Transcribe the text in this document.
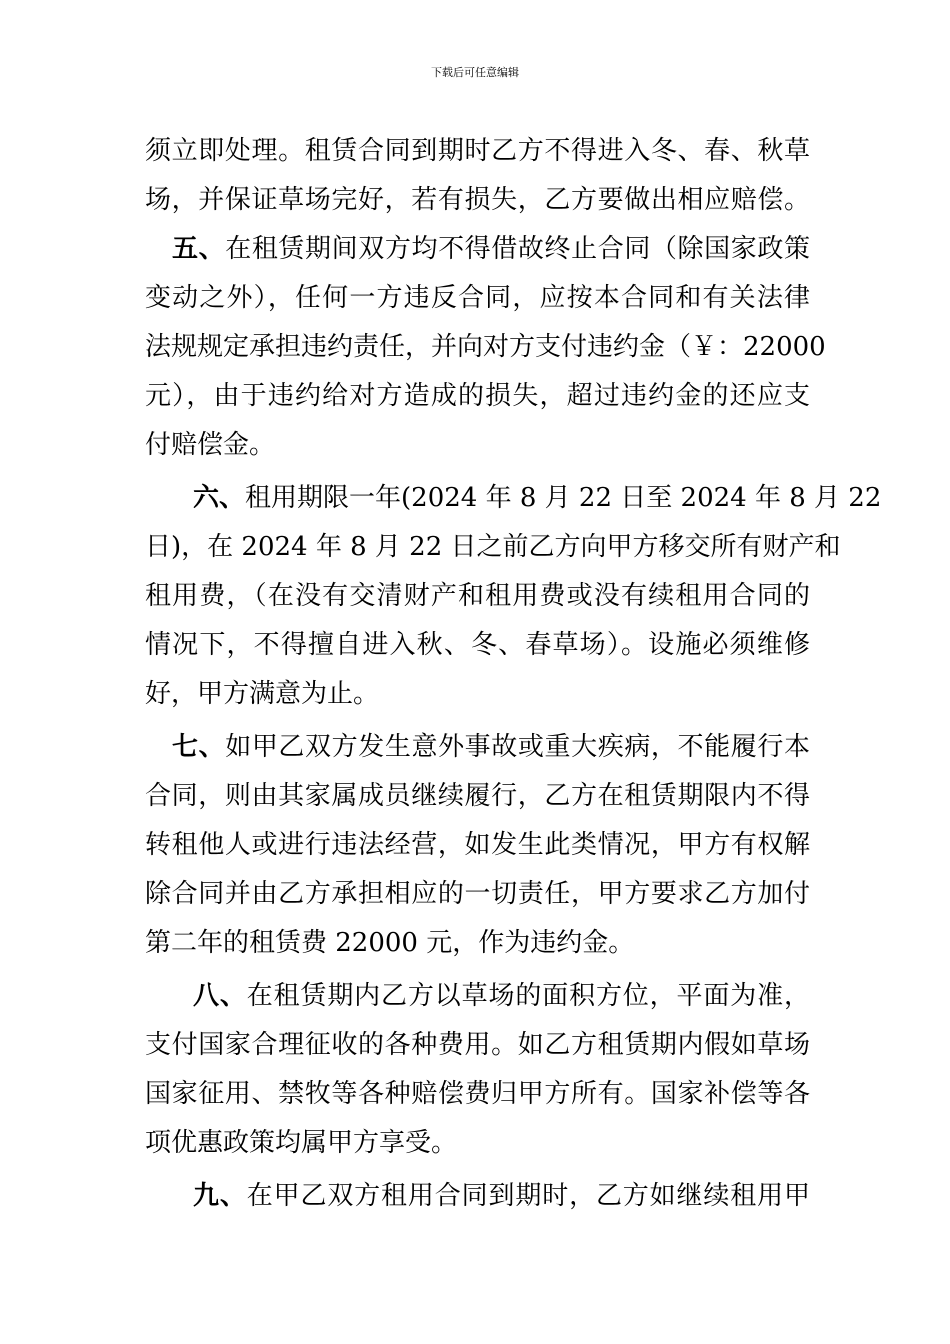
下载后可任意编辑
须立即处理。租赁合同到期时乙方不得进入冬、春、秋草
场，并保证草场完好，若有损失，乙方要做出相应赔偿。
五、在租赁期间双方均不得借故终止合同（除国家政策
变动之外），任何一方违反合同，应按本合同和有关法律
法规规定承担违约责任，并向对方支付违约金（￥：22000
元），由于违约给对方造成的损失，超过违约金的还应支
付赔偿金。
六、租用期限一年(2024 年 8 月 22 日至 2024 年 8 月 22
日)，在 2024 年 8 月 22 日之前乙方向甲方移交所有财产和
租用费，（在没有交清财产和租用费或没有续租用合同的
情况下，不得擅自进入秋、冬、春草场）。设施必须维修
好，甲方满意为止。
七、如甲乙双方发生意外事故或重大疾病，不能履行本
合同，则由其家属成员继续履行，乙方在租赁期限内不得
转租他人或进行违法经营，如发生此类情况，甲方有权解
除合同并由乙方承担相应的一切责任，甲方要求乙方加付
第二年的租赁费 22000 元，作为违约金。
八、在租赁期内乙方以草场的面积方位，平面为准，
支付国家合理征收的各种费用。如乙方租赁期内假如草场
国家征用、禁牧等各种赔偿费归甲方所有。国家补偿等各
项优惠政策均属甲方享受。
九、在甲乙双方租用合同到期时，乙方如继续租用甲
